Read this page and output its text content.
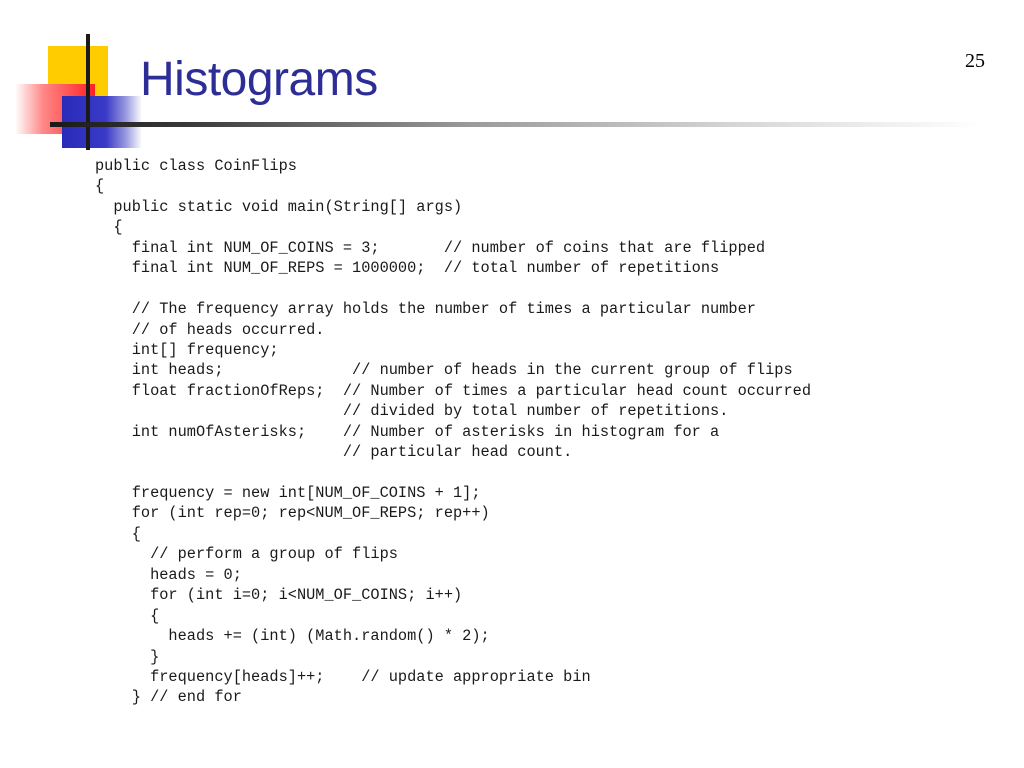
Histograms	25
public class CoinFlips
{
public static void main(String[] args)
{
final int NUM_OF_COINS = 3;       // number of coins that are flipped
final int NUM_OF_REPS = 1000000;  // total number of repetitions
// The frequency array holds the number of times a particular number
// of heads occurred.
int[] frequency;
int heads;              // number of heads in the current group of flips
float fractionOfReps;  // Number of times a particular head count occurred
// divided by total number of repetitions.
int numOfAsterisks;    // Number of asterisks in histogram for a
// particular head count.
frequency = new int[NUM_OF_COINS + 1];
for (int rep=0; rep<NUM_OF_REPS; rep++)
{
// perform a group of flips
heads = 0;
for (int i=0; i<NUM_OF_COINS; i++)
{
heads += (int) (Math.random() * 2);
}
frequency[heads]++;    // update appropriate bin
} // end for
